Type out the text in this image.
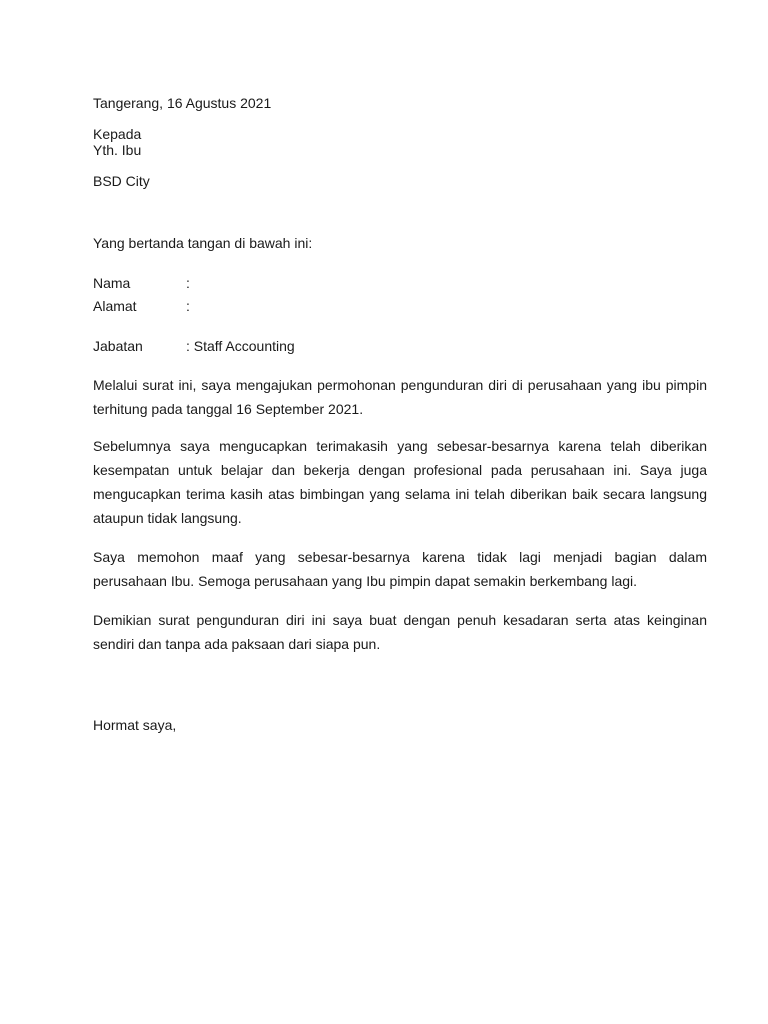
Tangerang, 16 Agustus 2021

Kepada

Yth. Ibu

BSD City

Yang bertanda tangan di bawah ini:

Nama	:
Alamat	:
Jabatan	: Staff Accounting
Melalui surat ini, saya mengajukan permohonan pengunduran diri di perusahaan yang ibu pimpin
terhitung pada tanggal 16 September 2021.
Sebelumnya saya mengucapkan terimakasih yang sebesar-besarnya karena telah diberikan
kesempatan untuk belajar dan bekerja dengan profesional pada perusahaan ini. Saya juga
mengucapkan terima kasih atas bimbingan yang selama ini telah diberikan baik secara langsung
ataupun tidak langsung.
Saya memohon maaf yang sebesar-besarnya karena tidak lagi menjadi bagian dalam
perusahaan Ibu. Semoga perusahaan yang Ibu pimpin dapat semakin berkembang lagi.
Demikian surat pengunduran diri ini saya buat dengan penuh kesadaran serta atas keinginan
sendiri dan tanpa ada paksaan dari siapa pun.

Hormat saya,
